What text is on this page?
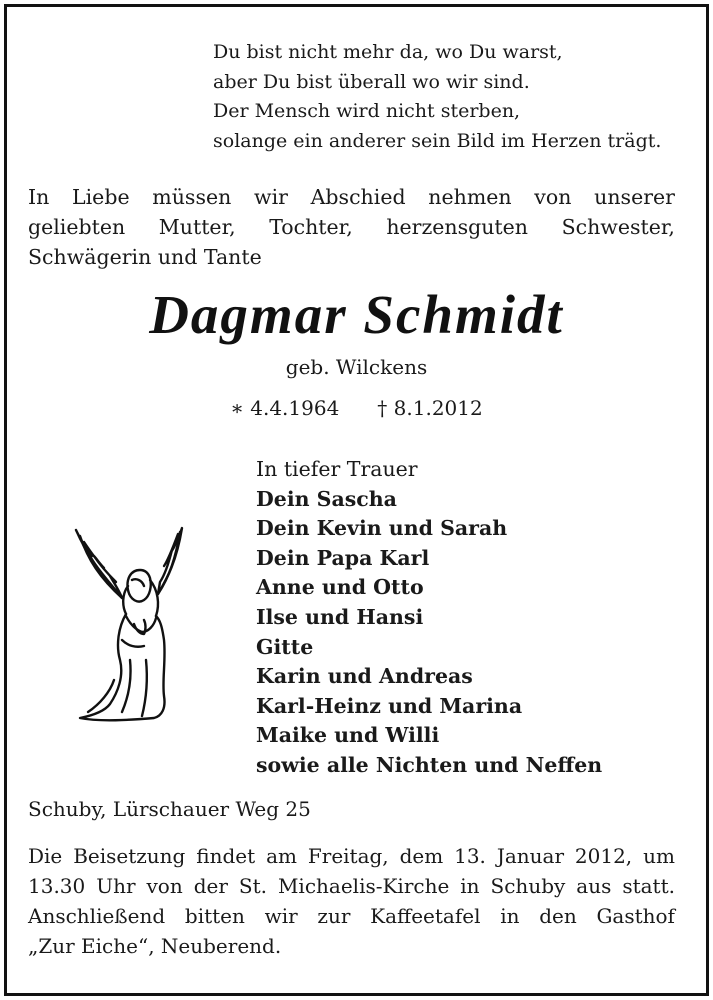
Du bist nicht mehr da, wo Du warst,
aber Du bist überall wo wir sind.
Der Mensch wird nicht sterben,
solange ein anderer sein Bild im Herzen trägt.
In Liebe müssen wir Abschied nehmen von unserer
geliebten Mutter, Tochter, herzensguten Schwester,
Schwägerin und Tante
Dagmar Schmidt
geb. Wilckens
∗ 4.4.1964 † 8.1.2012
In tiefer Trauer
Dein Sascha
Dein Kevin und Sarah
Dein Papa Karl
Anne und Otto
Ilse und Hansi
Gitte
Karin und Andreas
Karl-Heinz und Marina
Maike und Willi
sowie alle Nichten und Neffen
Schuby, Lürschauer Weg 25
Die Beisetzung findet am Freitag, dem 13. Januar 2012, um
13.30 Uhr von der St. Michaelis-Kirche in Schuby aus statt.
Anschließend bitten wir zur Kaffeetafel in den Gasthof
„Zur Eiche“, Neuberend.
